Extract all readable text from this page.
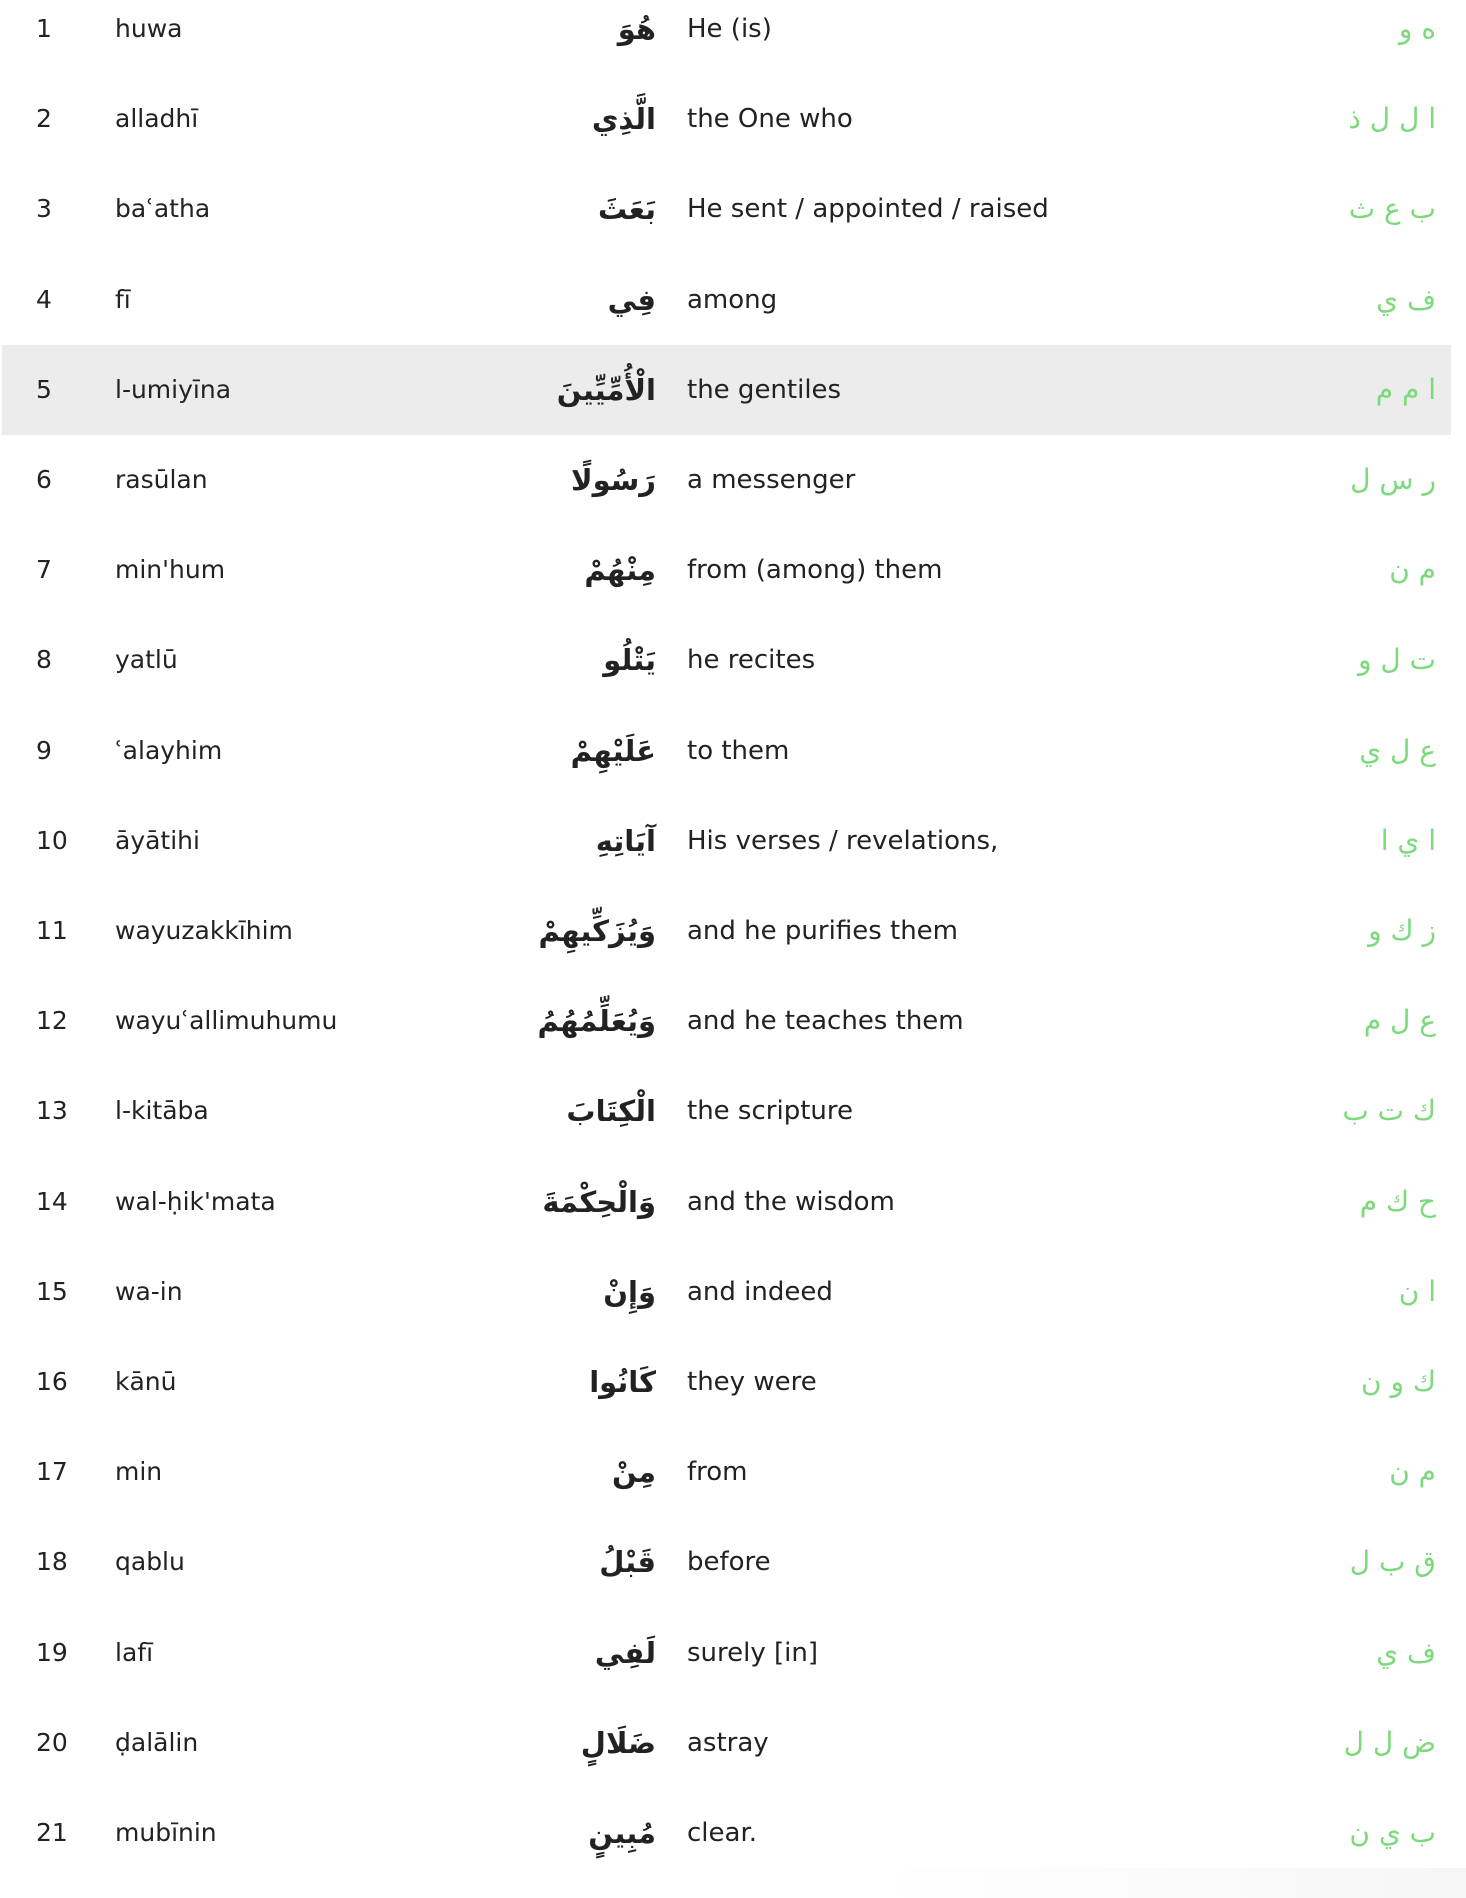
1	huwa	هُوَ He (is)	ه و
2	alladhī	الَّذِي the One who	ا ل ل ذ
3	baʿatha	بَعَثَ He sent / appointed / raised	ب ع ث
4	fī	فِي among	ف ي
5	l-umiyīna	الْأُمِّيِّينَ the gentiles	ا م م
6	rasūlan	رَسُولًا a messenger	ر س ل
7	min'hum	مِنْهُمْ from (among) them	م ن
8	yatlū	يَتْلُو he recites	ت ل و
9	ʿalayhim	عَلَيْهِمْ to them	ع ل ي
10	āyātihi	آيَاتِهِ His verses / revelations,	ا ي ا
11	wayuzakkīhim	وَيُزَكِّيهِمْ and he purifies them	ز ك و
12	wayuʿallimuhumu	وَيُعَلِّمُهُمُ and he teaches them	ع ل م
13	l-kitāba	الْكِتَابَ the scripture	ك ت ب
14	wal-ḥik'mata	وَالْحِكْمَةَ and the wisdom	ح ك م
15	wa-in	وَإِنْ and indeed	ا ن
16	kānū	كَانُوا they were	ك و ن
17	min	مِنْ from	م ن
18	qablu	قَبْلُ before	ق ب ل
19	lafī	لَفِي surely [in]	ف ي
20	ḍalālin	ضَلَالٍ astray	ض ل ل
21	mubīnin	مُبِينٍ clear.	ب ي ن
